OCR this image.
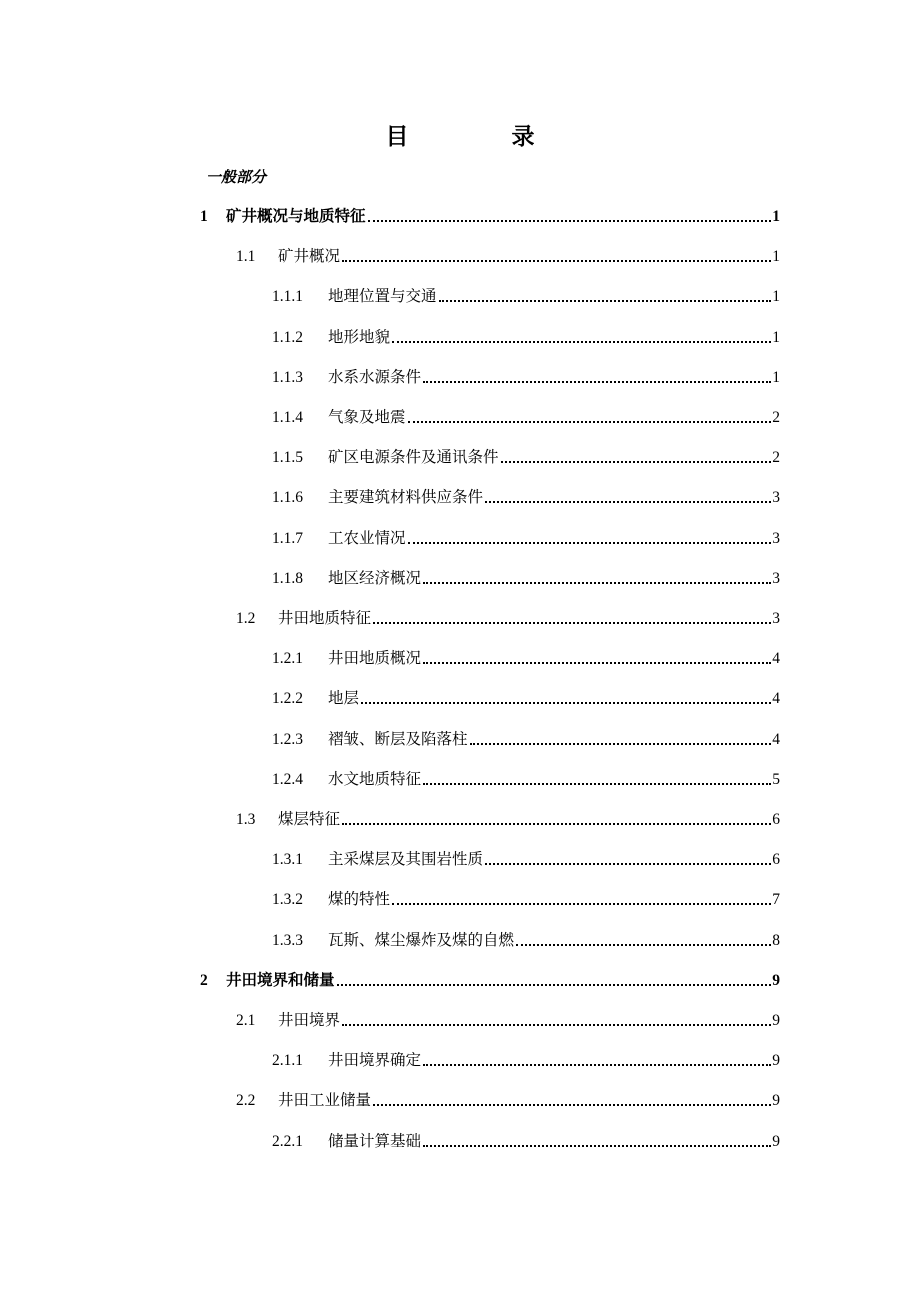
目　录
一般部分
1	矿井概况与地质特征	1
1.1	矿井概况	1
1.1.1	地理位置与交通	1
1.1.2	地形地貌	1
1.1.3	水系水源条件	1
1.1.4	气象及地震	2
1.1.5	矿区电源条件及通讯条件	2
1.1.6	主要建筑材料供应条件	3
1.1.7	工农业情况	3
1.1.8	地区经济概况	3
1.2	井田地质特征	3
1.2.1	井田地质概况	4
1.2.2	地层	4
1.2.3	褶皱、断层及陷落柱	4
1.2.4	水文地质特征	5
1.3	煤层特征	6
1.3.1	主采煤层及其围岩性质	6
1.3.2	煤的特性	7
1.3.3	瓦斯、煤尘爆炸及煤的自燃	8
2	井田境界和储量	9
2.1	井田境界	9
2.1.1	井田境界确定	9
2.2	井田工业储量	9
2.2.1	储量计算基础	9
